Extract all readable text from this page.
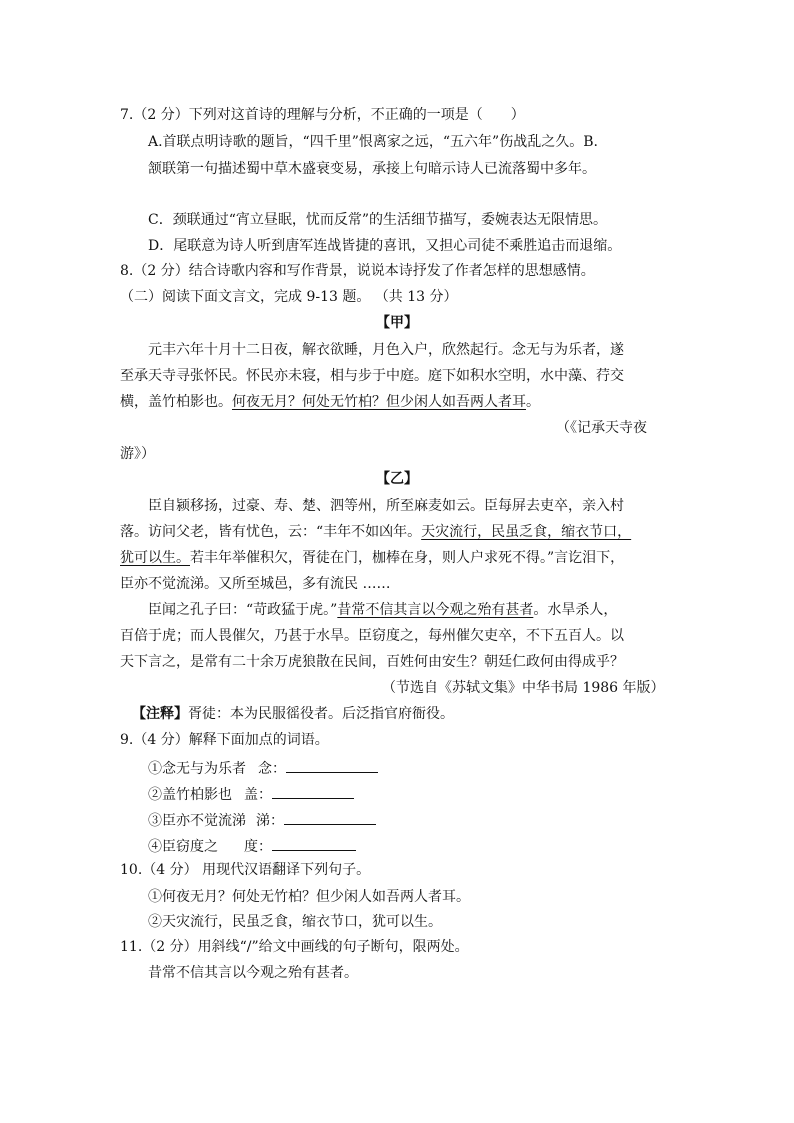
7.（2 分）下列对这首诗的理解与分析，不正确的一项是（　　）
A.首联点明诗歌的题旨，“四千里”恨离家之远，“五六年”伤战乱之久。B.
颔联第一句描述蜀中草木盛衰变易，承接上句暗示诗人已流落蜀中多年。
C．颈联通过“宵立昼眠，忧而反常”的生活细节描写，委婉表达无限情思。
D．尾联意为诗人听到唐军连战皆捷的喜讯，又担心司徒不乘胜追击而退缩。
8.（2 分）结合诗歌内容和写作背景，说说本诗抒发了作者怎样的思想感情。
（二）阅读下面文言文，完成 9-13 题。 （共 13 分）
【甲】
元丰六年十月十二日夜，解衣欲睡，月色入户，欣然起行。念无与为乐者，遂
至承天寺寻张怀民。怀民亦未寝，相与步于中庭。庭下如积水空明，水中藻、荇交
横，盖竹柏影也。何夜无月？何处无竹柏？但少闲人如吾两人者耳。
（《记承天寺夜
游》）
【乙】
臣自颍移扬，过豪、寿、楚、泗等州，所至麻麦如云。臣每屏去吏卒，亲入村
落。访问父老，皆有忧色，云：“丰年不如凶年。天灾流行，民虽乏食，缩衣节口，
犹可以生。若丰年举催积欠，胥徒在门，枷棒在身，则人户求死不得。”言讫泪下，
臣亦不觉流涕。又所至城邑，多有流民 ……
臣闻之孔子曰：“苛政猛于虎。”昔常不信其言以今观之殆有甚者。水旱杀人，
百倍于虎；而人畏催欠，乃甚于水旱。臣窃度之，每州催欠吏卒，不下五百人。以
天下言之，是常有二十余万虎狼散在民间，百姓何由安生？朝廷仁政何由得成乎？
（节选自《苏轼文集》中华书局 1986 年版）
【注释】胥徒：本为民服徭役者。后泛指官府衙役。
9.（4 分）解释下面加点的词语。
①念无与为乐者 念：
②盖竹柏影也 盖：
③臣亦不觉流涕 涕：
④臣窃度之 度：
10.（4 分） 用现代汉语翻译下列句子。
①何夜无月？何处无竹柏？但少闲人如吾两人者耳。
②天灾流行，民虽乏食，缩衣节口，犹可以生。
11.（2 分）用斜线“/”给文中画线的句子断句，限两处。
昔常不信其言以今观之殆有甚者。
